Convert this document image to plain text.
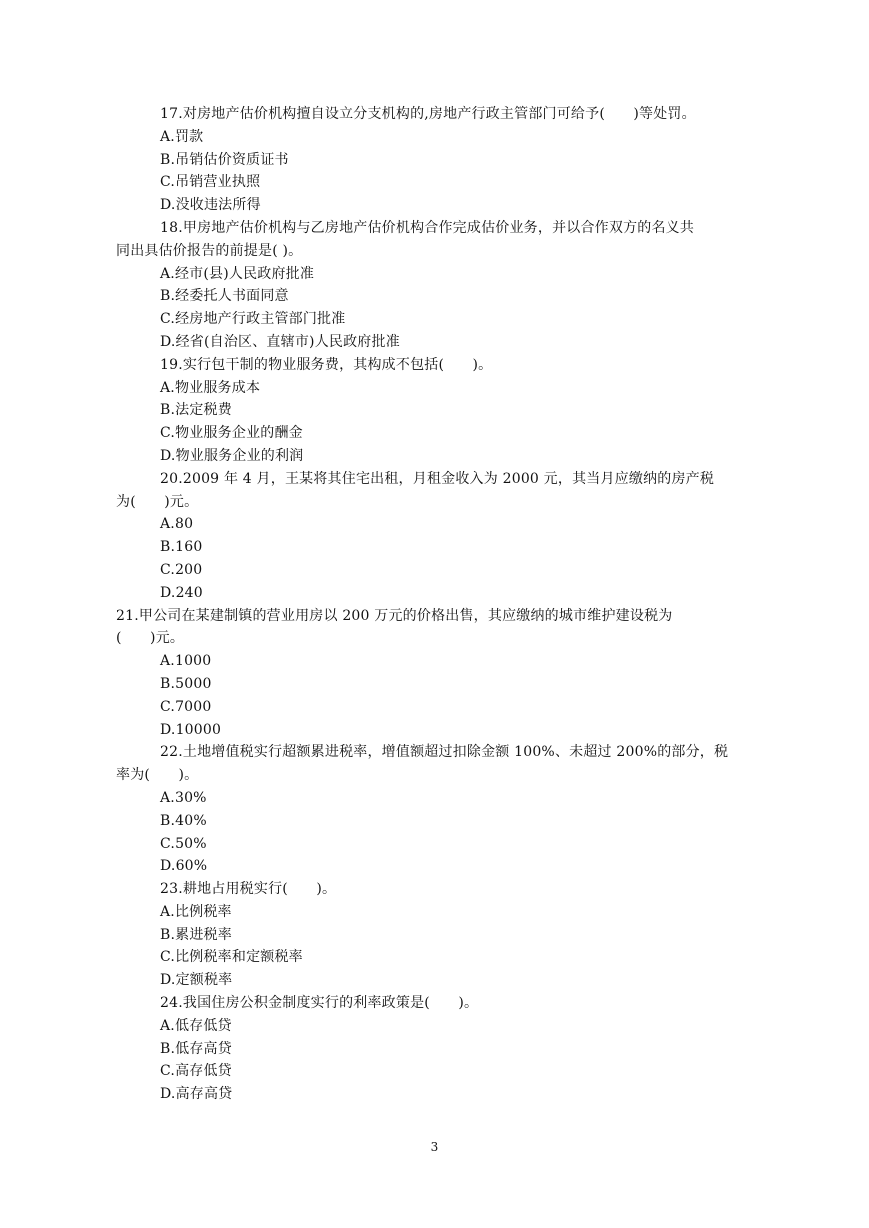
17.对房地产估价机构擅自设立分支机构的,房地产行政主管部门可给予(　　)等处罚。
A.罚款
B.吊销估价资质证书
C.吊销营业执照
D.没收违法所得
18.甲房地产估价机构与乙房地产估价机构合作完成估价业务，并以合作双方的名义共
同出具估价报告的前提是( )。
A.经市(县)人民政府批准
B.经委托人书面同意
C.经房地产行政主管部门批准
D.经省(自治区、直辖市)人民政府批准
19.实行包干制的物业服务费，其构成不包括(　　)。
A.物业服务成本
B.法定税费
C.物业服务企业的酬金
D.物业服务企业的利润
20.2009 年 4 月，王某将其住宅出租，月租金收入为 2000 元，其当月应缴纳的房产税
为(　　)元。
A.80
B.160
C.200
D.240
21.甲公司在某建制镇的营业用房以 200 万元的价格出售，其应缴纳的城市维护建设税为
(　　)元。
A.1000
B.5000
C.7000
D.10000
22.土地增值税实行超额累进税率，增值额超过扣除金额 100%、未超过 200%的部分，税
率为(　　)。
A.30%
B.40%
C.50%
D.60%
23.耕地占用税实行(　　)。
A.比例税率
B.累进税率
C.比例税率和定额税率
D.定额税率
24.我国住房公积金制度实行的利率政策是(　　)。
A.低存低贷
B.低存高贷
C.高存低贷
D.高存高贷
3
